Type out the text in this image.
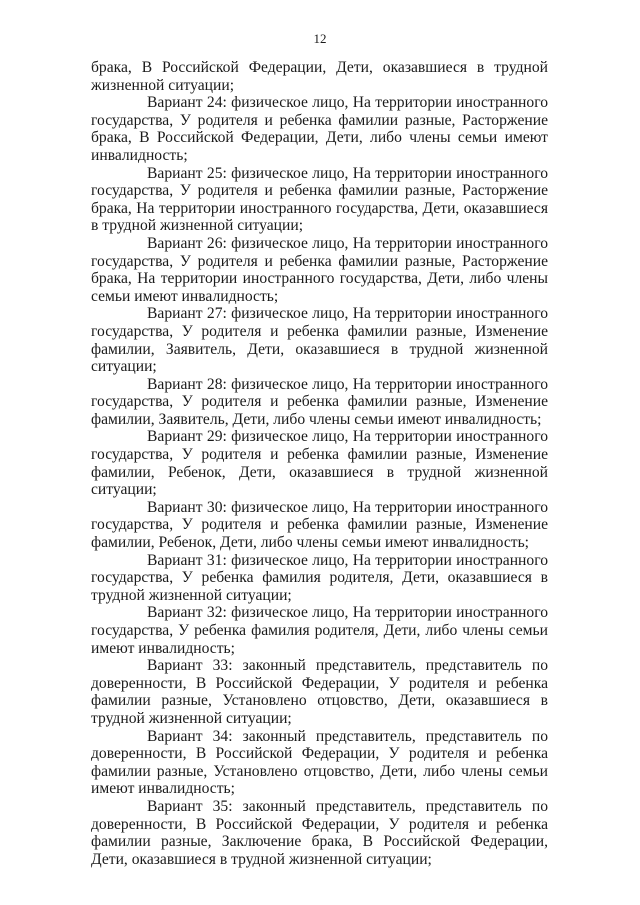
12

брака, В Российской Федерации, Дети, оказавшиеся в трудной жизненной ситуации;

Вариант 24: физическое лицо, На территории иностранного государства, У родителя и ребенка фамилии разные, Расторжение брака, В Российской Федерации, Дети, либо члены семьи имеют инвалидность;

Вариант 25: физическое лицо, На территории иностранного государства, У родителя и ребенка фамилии разные, Расторжение брака, На территории иностранного государства, Дети, оказавшиеся в трудной жизненной ситуации;

Вариант 26: физическое лицо, На территории иностранного государства, У родителя и ребенка фамилии разные, Расторжение брака, На территории иностранного государства, Дети, либо члены семьи имеют инвалидность;

Вариант 27: физическое лицо, На территории иностранного государства, У родителя и ребенка фамилии разные, Изменение фамилии, Заявитель, Дети, оказавшиеся в трудной жизненной ситуации;

Вариант 28: физическое лицо, На территории иностранного государства, У родителя и ребенка фамилии разные, Изменение фамилии, Заявитель, Дети, либо члены семьи имеют инвалидность;

Вариант 29: физическое лицо, На территории иностранного государства, У родителя и ребенка фамилии разные, Изменение фамилии, Ребенок, Дети, оказавшиеся в трудной жизненной ситуации;

Вариант 30: физическое лицо, На территории иностранного государства, У родителя и ребенка фамилии разные, Изменение фамилии, Ребенок, Дети, либо члены семьи имеют инвалидность;

Вариант 31: физическое лицо, На территории иностранного государства, У ребенка фамилия родителя, Дети, оказавшиеся в трудной жизненной ситуации;

Вариант 32: физическое лицо, На территории иностранного государства, У ребенка фамилия родителя, Дети, либо члены семьи имеют инвалидность;

Вариант 33: законный представитель, представитель по доверенности, В Российской Федерации, У родителя и ребенка фамилии разные, Установлено отцовство, Дети, оказавшиеся в трудной жизненной ситуации;

Вариант 34: законный представитель, представитель по доверенности, В Российской Федерации, У родителя и ребенка фамилии разные, Установлено отцовство, Дети, либо члены семьи имеют инвалидность;

Вариант 35: законный представитель, представитель по доверенности, В Российской Федерации, У родителя и ребенка фамилии разные, Заключение брака, В Российской Федерации, Дети, оказавшиеся в трудной жизненной ситуации;
